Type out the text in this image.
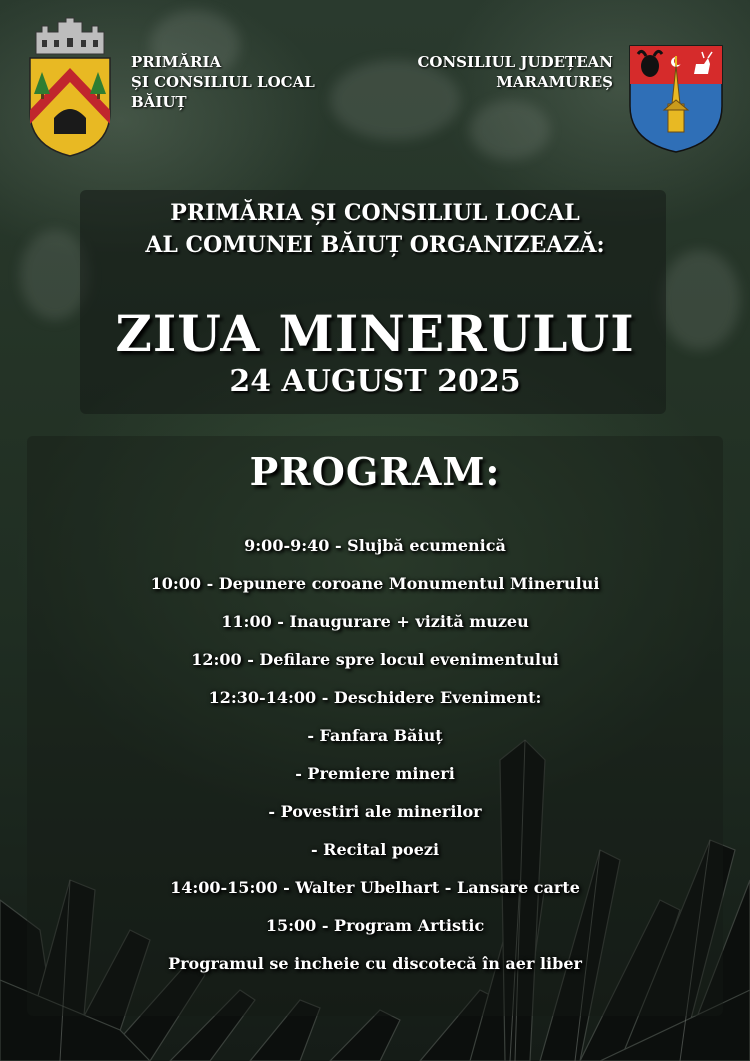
PRIMĂRIA
ȘI CONSILIUL LOCAL
BĂIUȚ
CONSILIUL JUDEȚEAN
MARAMUREȘ
PRIMĂRIA ȘI CONSILIUL LOCAL
AL COMUNEI BĂIUȚ ORGANIZEAZĂ:
ZIUA MINERULUI
24 AUGUST 2025
PROGRAM:
9:00-9:40 - Slujbă ecumenică
10:00 - Depunere coroane Monumentul Minerului
11:00 - Inaugurare + vizită muzeu
12:00 - Defilare spre locul evenimentului
12:30-14:00 - Deschidere Eveniment:
- Fanfara Băiuț
- Premiere mineri
- Povestiri ale minerilor
- Recital poezi
14:00-15:00 - Walter Ubelhart - Lansare carte
15:00 - Program Artistic
Programul se incheie cu discotecă în aer liber
